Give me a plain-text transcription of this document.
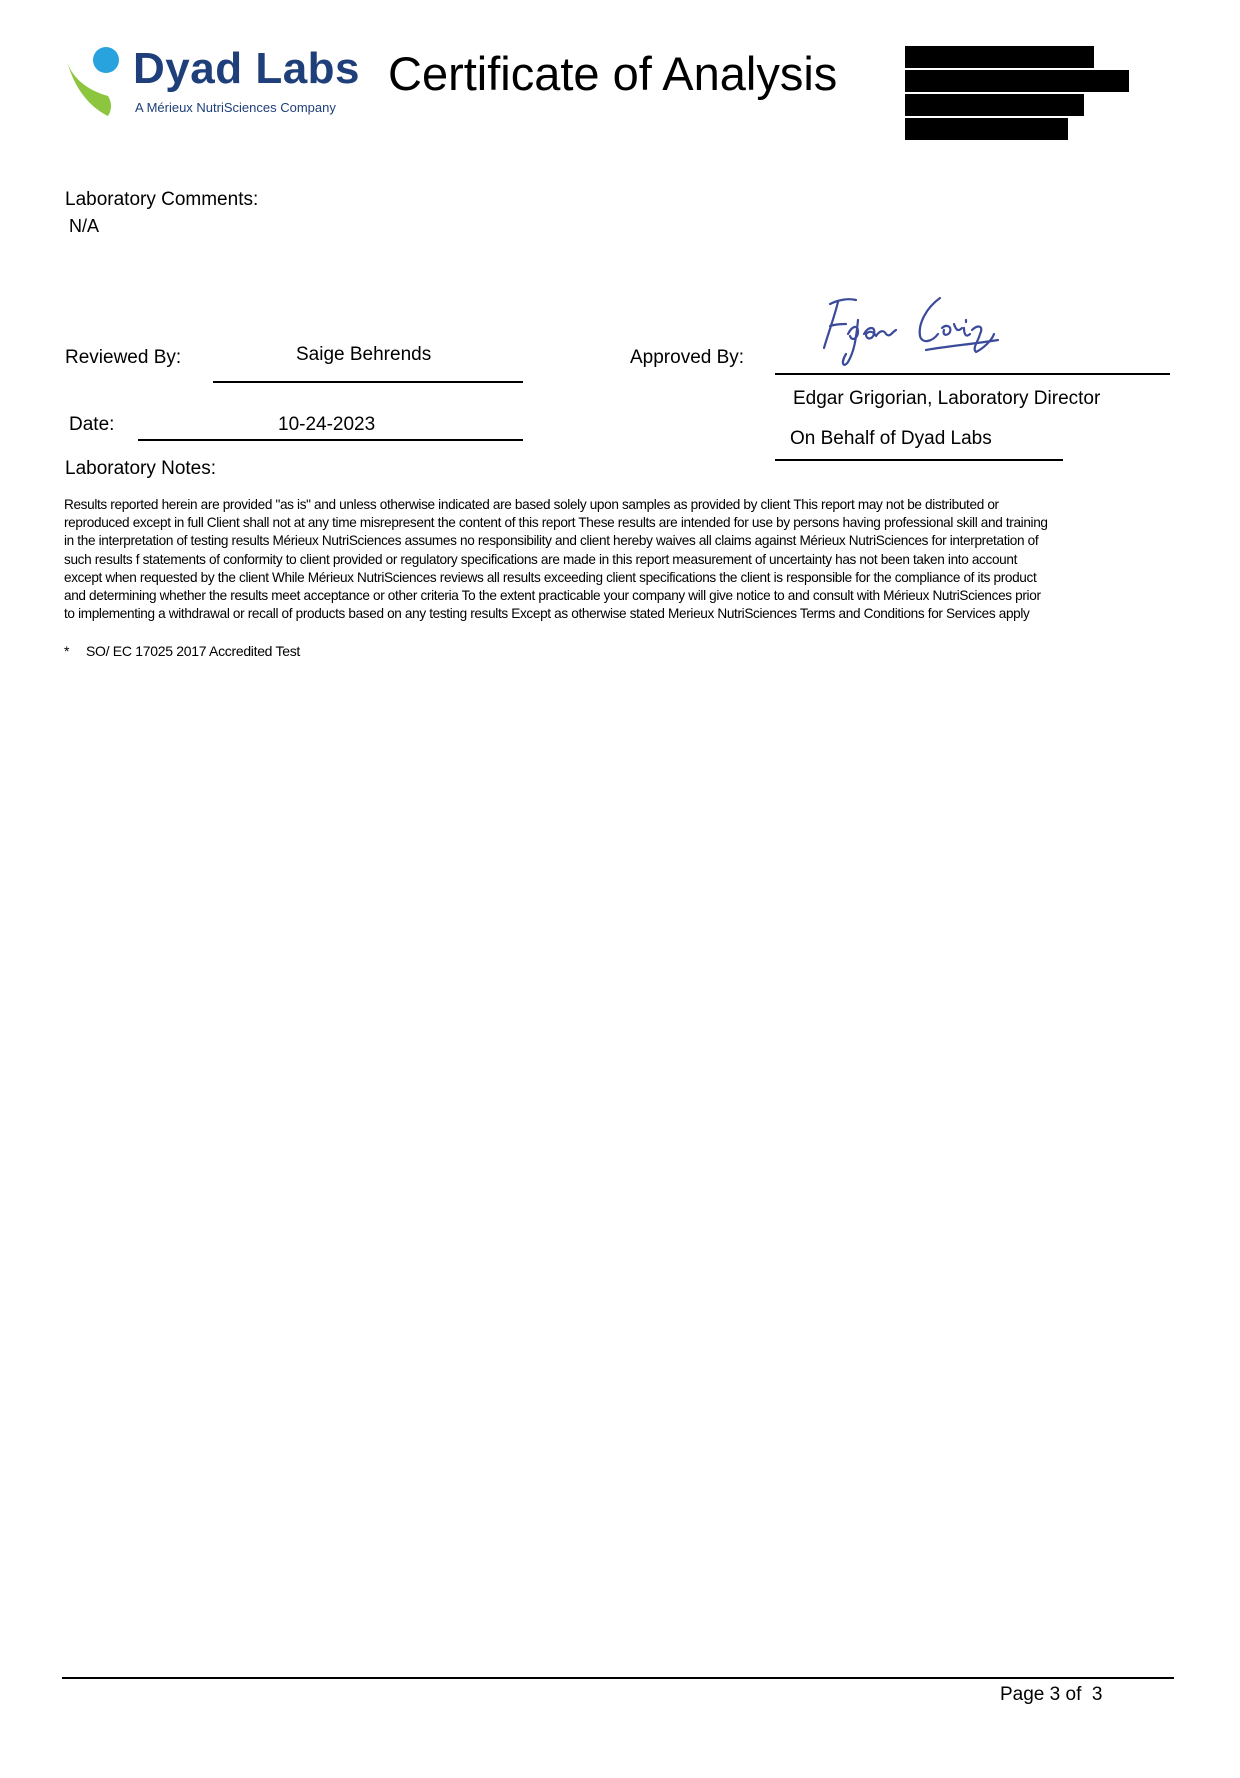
Dyad Labs
A Mérieux NutriSciences Company
Certificate of Analysis
Laboratory Comments:
N/A
Reviewed By:	Saige Behrends
Date:	10-24-2023
Approved By:
Edgar Grigorian, Laboratory Director
On Behalf of Dyad Labs
Laboratory Notes:

Results reported herein are provided "as is" and unless otherwise indicated are based solely upon samples as provided by client This report may not be distributed or

reproduced except in full Client shall not at any time misrepresent the content of this report These results are intended for use by persons having professional skill and training

in the interpretation of testing results Mérieux NutriSciences assumes no responsibility and client hereby waives all claims against Mérieux NutriSciences for interpretation of

such results f statements of conformity to client provided or regulatory specifications are made in this report measurement of uncertainty has not been taken into account

except when requested by the client While Mérieux NutriSciences reviews all results exceeding client specifications the client is responsible for the compliance of its product

and determining whether the results meet acceptance or other criteria To the extent practicable your company will give notice to and consult with Mérieux NutriSciences prior

to implementing a withdrawal or recall of products based on any testing results Except as otherwise stated Merieux NutriSciences Terms and Conditions for Services apply

* SO/ EC 17025 2017 Accredited Test
Page 3 of  3
